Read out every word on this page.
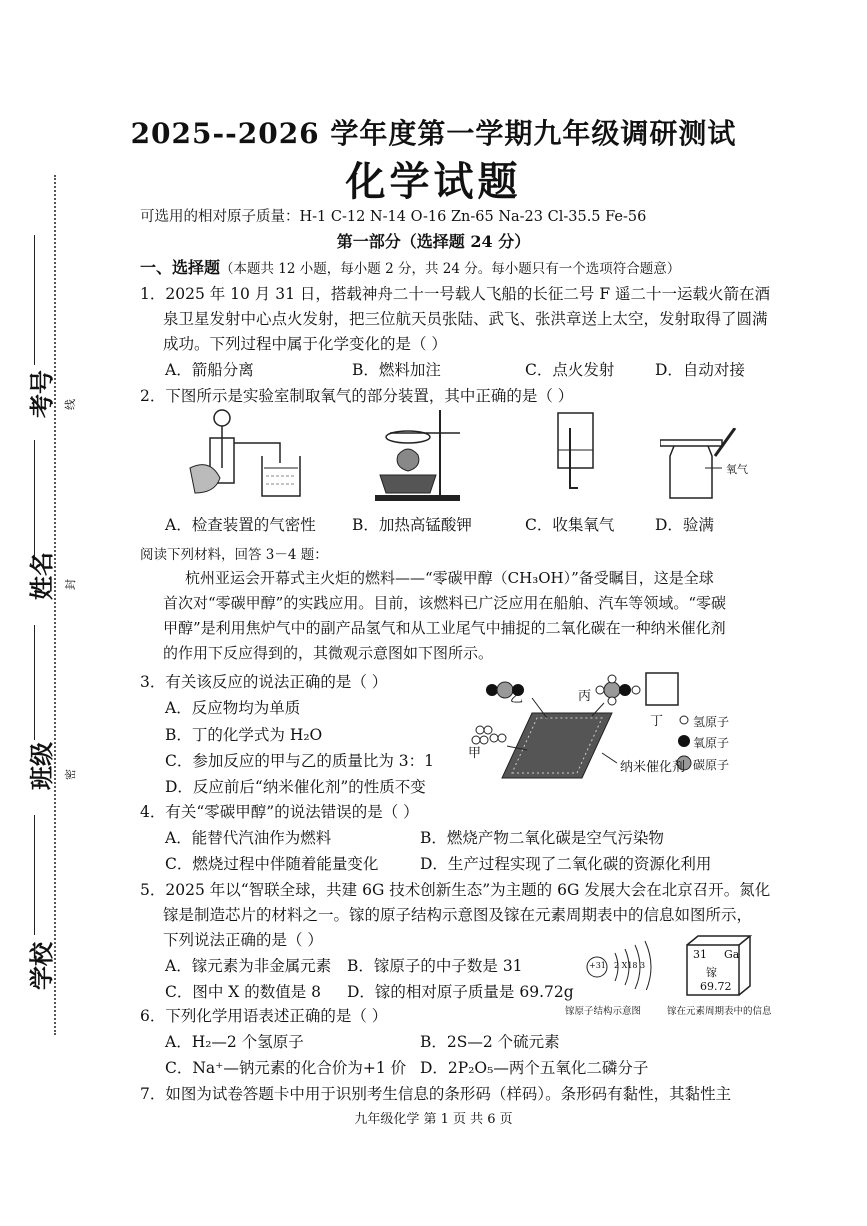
考号 线
姓名 封
班级 密
学校
2025--2026 学年度第一学期九年级调研测试
化学试题
可选用的相对原子质量：H-1 C-12 N-14 O-16 Zn-65 Na-23 Cl-35.5 Fe-56
第一部分（选择题 24 分）
一、选择题（本题共 12 小题，每小题 2 分，共 24 分。每小题只有一个选项符合题意）
1．2025 年 10 月 31 日，搭载神舟二十一号载人飞船的长征二号 F 遥二十一运载火箭在酒
泉卫星发射中心点火发射，把三位航天员张陆、武飞、张洪章送上太空，发射取得了圆满
成功。下列过程中属于化学变化的是（ ）
A．箭船分离	B．燃料加注	C．点火发射	D．自动对接
2．下图所示是实验室制取氧气的部分装置，其中正确的是（ ）
氧气
A．检查装置的气密性 B．加热高锰酸钾	C．收集氧气	D．验满
阅读下列材料，回答 3－4 题：
杭州亚运会开幕式主火炬的燃料——“零碳甲醇（CH₃OH）”备受瞩目，这是全球
首次对“零碳甲醇”的实践应用。目前，该燃料已广泛应用在船舶、汽车等领域。“零碳
甲醇”是利用焦炉气中的副产品氢气和从工业尾气中捕捉的二氧化碳在一种纳米催化剂
的作用下反应得到的，其微观示意图如下图所示。
3．有关该反应的说法正确的是（ ）
A．反应物均为单质
B．丁的化学式为 H₂O
C．参加反应的甲与乙的质量比为 3：1
D．反应前后“纳米催化剂”的性质不变
乙	丙
丁
甲
纳米催化剂
氢原子
氧原子
碳原子
4．有关“零碳甲醇”的说法错误的是（ ）
A．能替代汽油作为燃料	B．燃烧产物二氧化碳是空气污染物
C．燃烧过程中伴随着能量变化	D．生产过程实现了二氧化碳的资源化利用
5．2025 年以“智联全球，共建 6G 技术创新生态”为主题的 6G 发展大会在北京召开。氮化
镓是制造芯片的材料之一。镓的原子结构示意图及镓在元素周期表中的信息如图所示，
下列说法正确的是（ ）
A．镓元素为非金属元素 B．镓原子的中子数是 31
C．图中 X 的数值是 8 D．镓的相对原子质量是 69.72g
+31 2 X18 3
镓原子结构示意图
31 Ga
镓
69.72
镓在元素周期表中的信息
6．下列化学用语表述正确的是（ ）
A．H₂—2 个氢原子	B．2S—2 个硫元素
C．Na⁺—钠元素的化合价为+1 价 D．2P₂O₅—两个五氧化二磷分子
7．如图为试卷答题卡中用于识别考生信息的条形码（样码）。条形码有黏性，其黏性主
九年级化学 第 1 页 共 6 页
